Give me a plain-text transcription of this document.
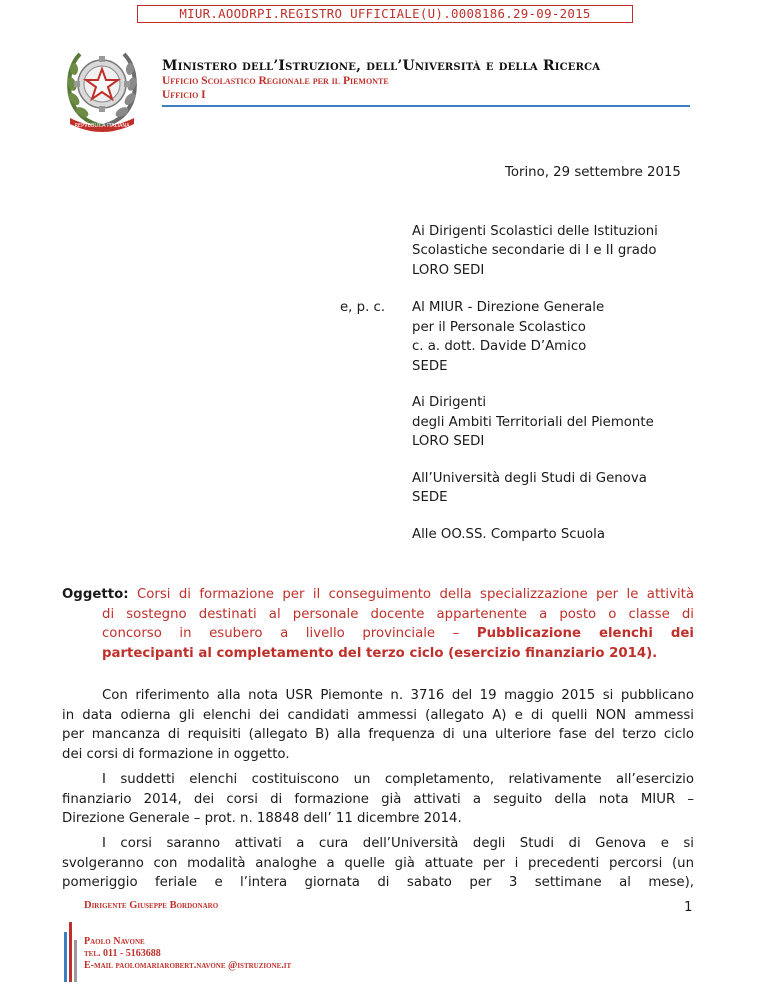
MIUR.AOODRPI.REGISTRO UFFICIALE(U).0008186.29-09-2015
REPVBBLICA ITALIANA
Ministero dell’Istruzione, dell’Università e della Ricerca
Ufficio Scolastico Regionale per il Piemonte
Ufficio I
Torino, 29 settembre 2015
Ai Dirigenti Scolastici delle Istituzioni
Scolastiche secondarie di I e II grado
LORO SEDI
e, p. c. Al MIUR - Direzione Generale
per il Personale Scolastico
c. a. dott. Davide D’Amico
SEDE
Ai Dirigenti
degli Ambiti Territoriali del Piemonte
LORO SEDI
All’Università degli Studi di Genova
SEDE
Alle OO.SS. Comparto Scuola
Oggetto: Corsi di formazione per il conseguimento della specializzazione per le attività
di sostegno destinati al personale docente appartenente a posto o classe di
concorso in esubero a livello provinciale – Pubblicazione elenchi dei
partecipanti al completamento del terzo ciclo (esercizio finanziario 2014).
Con riferimento alla nota USR Piemonte n. 3716 del 19 maggio 2015 si pubblicano
in data odierna gli elenchi dei candidati ammessi (allegato A) e di quelli NON ammessi
per mancanza di requisiti (allegato B) alla frequenza di una ulteriore fase del terzo ciclo
dei corsi di formazione in oggetto.
I suddetti elenchi costituiscono un completamento, relativamente all’esercizio
finanziario 2014, dei corsi di formazione già attivati a seguito della nota MIUR –
Direzione Generale – prot. n. 18848 dell’ 11 dicembre 2014.
I corsi saranno attivati a cura dell’Università degli Studi di Genova e si
svolgeranno con modalità analoghe a quelle già attuate per i precedenti percorsi (un
pomeriggio feriale e l’intera giornata di sabato per 3 settimane al mese),
Dirigente Giuseppe Bordonaro
Paolo Navone
tel. 011 - 5163688
E-mail paolomariarobert.navone @istruzione.it
1
